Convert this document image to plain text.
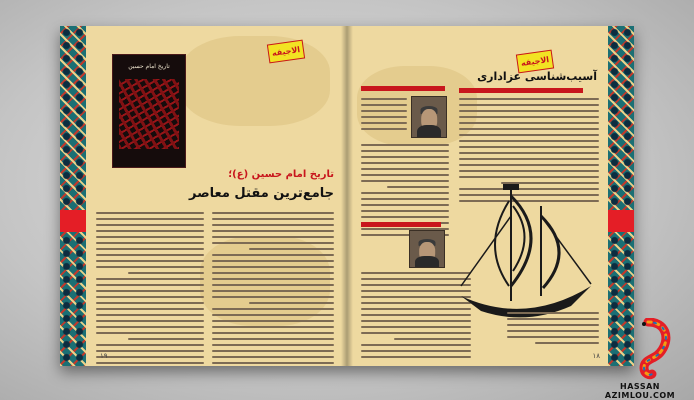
الاجیقه
تاریخ امام حسین
تاریخ امام حسین (ع)؛
جامع‌ترین مقتل معاصر
۱۹
الاجیقه
آسیب‌شناسی عزاداری
۱۸
HASSAN AZIMLOU.COM
